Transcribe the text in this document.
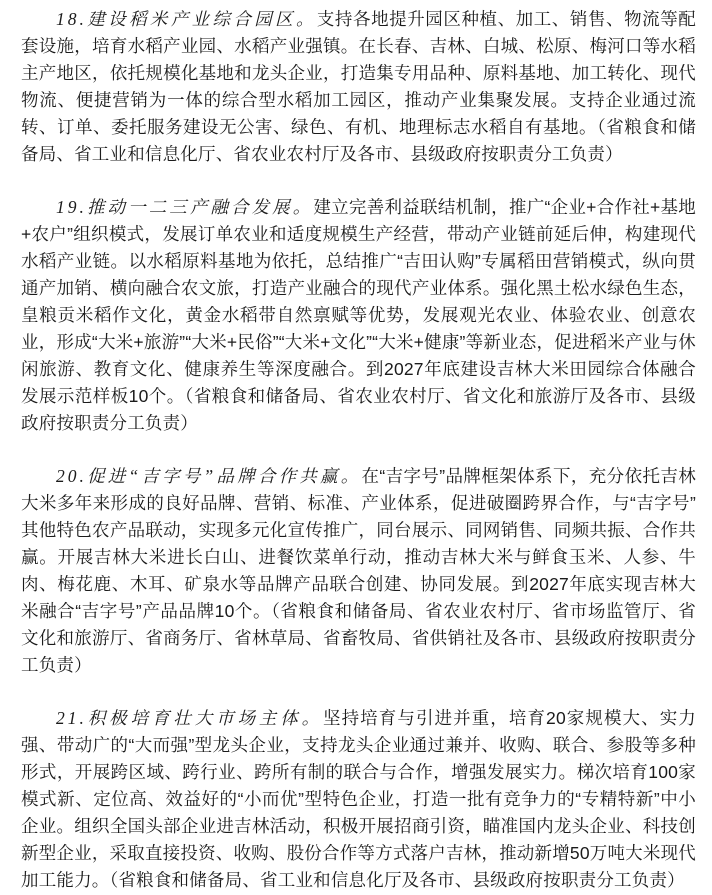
18.建设稻米产业综合园区。支持各地提升园区种植、加工、销售、物流等配套设施，培育水稻产业园、水稻产业强镇。在长春、吉林、白城、松原、梅河口等水稻主产地区，依托规模化基地和龙头企业，打造集专用品种、原料基地、加工转化、现代物流、便捷营销为一体的综合型水稻加工园区，推动产业集聚发展。支持企业通过流转、订单、委托服务建设无公害、绿色、有机、地理标志水稻自有基地。（省粮食和储备局、省工业和信息化厅、省农业农村厅及各市、县级政府按职责分工负责）

19.推动一二三产融合发展。建立完善利益联结机制，推广“企业+合作社+基地+农户”组织模式，发展订单农业和适度规模生产经营，带动产业链前延后伸，构建现代水稻产业链。以水稻原料基地为依托，总结推广“吉田认购”专属稻田营销模式，纵向贯通产加销、横向融合农文旅，打造产业融合的现代产业体系。强化黑土松水绿色生态，皇粮贡米稻作文化，黄金水稻带自然禀赋等优势，发展观光农业、体验农业、创意农业，形成“大米+旅游”“大米+民俗”“大米+文化”“大米+健康”等新业态，促进稻米产业与休闲旅游、教育文化、健康养生等深度融合。到2027年底建设吉林大米田园综合体融合发展示范样板10个。（省粮食和储备局、省农业农村厅、省文化和旅游厅及各市、县级政府按职责分工负责）

20.促进“吉字号”品牌合作共赢。在“吉字号”品牌框架体系下，充分依托吉林大米多年来形成的良好品牌、营销、标准、产业体系，促进破圈跨界合作，与“吉字号”其他特色农产品联动，实现多元化宣传推广，同台展示、同网销售、同频共振、合作共赢。开展吉林大米进长白山、进餐饮菜单行动，推动吉林大米与鲜食玉米、人参、牛肉、梅花鹿、木耳、矿泉水等品牌产品联合创建、协同发展。到2027年底实现吉林大米融合“吉字号”产品品牌10个。（省粮食和储备局、省农业农村厅、省市场监管厅、省文化和旅游厅、省商务厅、省林草局、省畜牧局、省供销社及各市、县级政府按职责分工负责）

21.积极培育壮大市场主体。坚持培育与引进并重，培育20家规模大、实力强、带动广的“大而强”型龙头企业，支持龙头企业通过兼并、收购、联合、参股等多种形式，开展跨区域、跨行业、跨所有制的联合与合作，增强发展实力。梯次培育100家模式新、定位高、效益好的“小而优”型特色企业，打造一批有竞争力的“专精特新”中小企业。组织全国头部企业进吉林活动，积极开展招商引资，瞄准国内龙头企业、科技创新型企业，采取直接投资、收购、股份合作等方式落户吉林，推动新增50万吨大米现代加工能力。（省粮食和储备局、省工业和信息化厅及各市、县级政府按职责分工负责）
